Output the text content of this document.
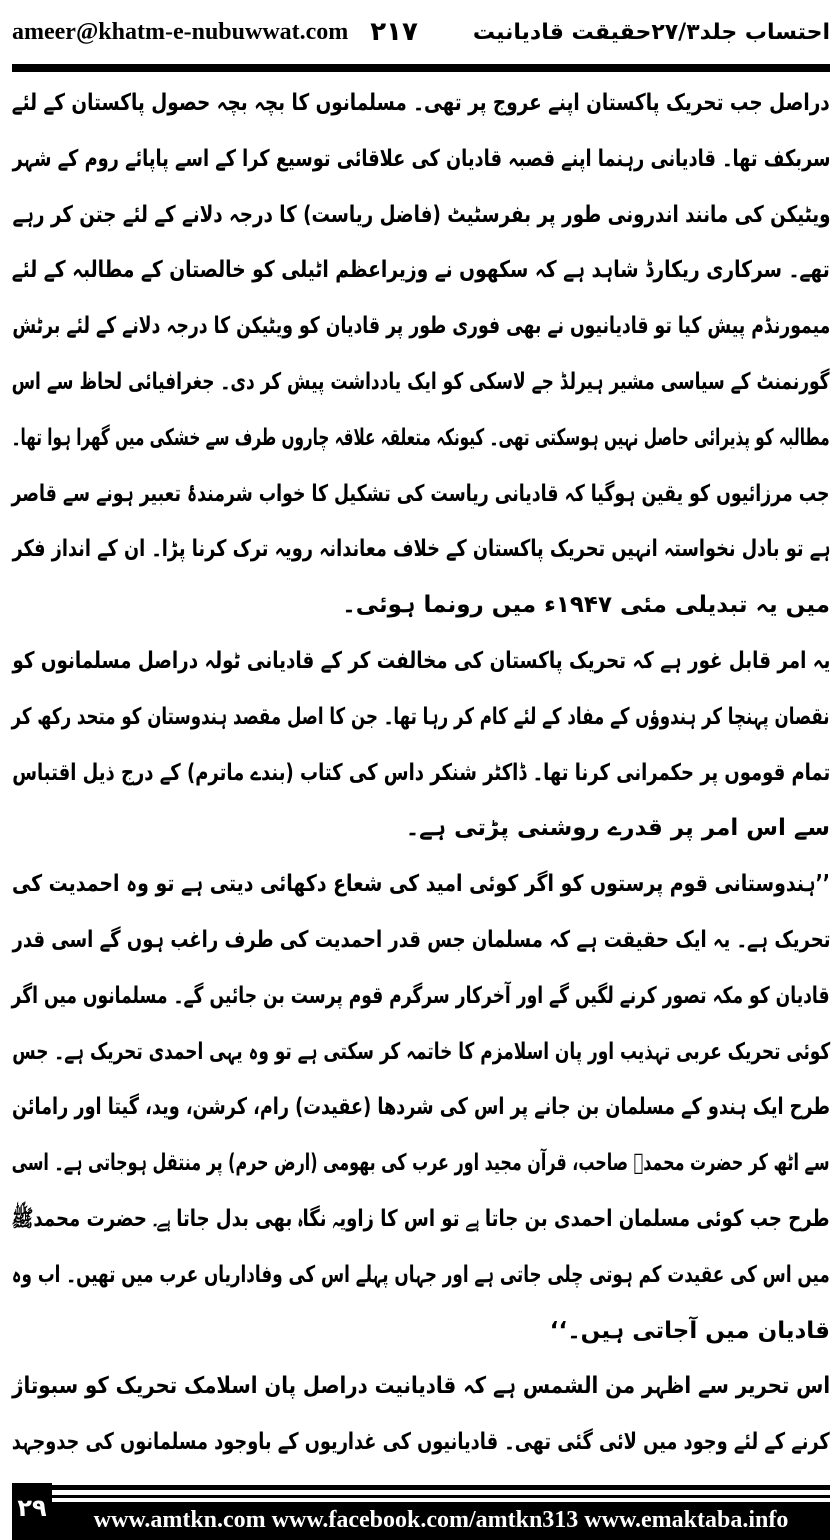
ameer@khatm-e-nubuwwat.com ۲۱۷ احتساب جلد۲۷/۳حقیقت قادیانیت
دراصل جب تحریک پاکستان اپنے عروج پر تھی۔ مسلمانوں کا بچہ بچہ حصول پاکستان کے لئے
سربکف تھا۔ قادیانی رہنما اپنے قصبہ قادیان کی علاقائی توسیع کرا کے اسے پاپائے روم کے شہر
ویٹیکن کی مانند اندرونی طور پر بفرسٹیٹ (فاضل ریاست) کا درجہ دلانے کے لئے جتن کر رہے
تھے۔ سرکاری ریکارڈ شاہد ہے کہ سکھوں نے وزیراعظم اٹیلی کو خالصتان کے مطالبہ کے لئے
میمورنڈم پیش کیا تو قادیانیوں نے بھی فوری طور پر قادیان کو ویٹیکن کا درجہ دلانے کے لئے برٹش
گورنمنٹ کے سیاسی مشیر ہیرلڈ جے لاسکی کو ایک یادداشت پیش کر دی۔ جغرافیائی لحاظ سے اس
مطالبہ کو پذیرائی حاصل نہیں ہوسکتی تھی۔ کیونکہ متعلقہ علاقہ چاروں طرف سے خشکی میں گھرا ہوا تھا۔
جب مرزائیوں کو یقین ہوگیا کہ قادیانی ریاست کی تشکیل کا خواب شرمندۂ تعبیر ہونے سے قاصر
ہے تو بادل نخواستہ انہیں تحریک پاکستان کے خلاف معاندانہ رویہ ترک کرنا پڑا۔ ان کے انداز فکر
میں یہ تبدیلی مئی ۱۹۴۷ء میں رونما ہوئی۔
یہ امر قابل غور ہے کہ تحریک پاکستان کی مخالفت کر کے قادیانی ٹولہ دراصل مسلمانوں کو
نقصان پہنچا کر ہندوؤں کے مفاد کے لئے کام کر رہا تھا۔ جن کا اصل مقصد ہندوستان کو متحد رکھ کر
تمام قوموں پر حکمرانی کرنا تھا۔ ڈاکٹر شنکر داس کی کتاب (بندے ماترم) کے درج ذیل اقتباس
سے اس امر پر قدرے روشنی پڑتی ہے۔
’’ہندوستانی قوم پرستوں کو اگر کوئی امید کی شعاع دکھائی دیتی ہے تو وہ احمدیت کی
تحریک ہے۔ یہ ایک حقیقت ہے کہ مسلمان جس قدر احمدیت کی طرف راغب ہوں گے اسی قدر
قادیان کو مکہ تصور کرنے لگیں گے اور آخرکار سرگرم قوم پرست بن جائیں گے۔ مسلمانوں میں اگر
کوئی تحریک عربی تہذیب اور پان اسلامزم کا خاتمہ کر سکتی ہے تو وہ یہی احمدی تحریک ہے۔ جس
طرح ایک ہندو کے مسلمان بن جانے پر اس کی شردھا (عقیدت) رام، کرشن، وید، گیتا اور رامائن
سے اٹھ کر حضرت محمدؐ صاحب، قرآن مجید اور عرب کی بھومی (ارض حرم) پر منتقل ہوجاتی ہے۔ اسی
طرح جب کوئی مسلمان احمدی بن جاتا ہے تو اس کا زاویہ نگاہ بھی بدل جاتا ہے۔ حضرت محمدﷺ
میں اس کی عقیدت کم ہوتی چلی جاتی ہے اور جہاں پہلے اس کی وفاداریاں عرب میں تھیں۔ اب وہ
قادیان میں آجاتی ہیں۔‘‘
اس تحریر سے اظہر من الشمس ہے کہ قادیانیت دراصل پان اسلامک تحریک کو سبوتاژ
کرنے کے لئے وجود میں لائی گئی تھی۔ قادیانیوں کی غداریوں کے باوجود مسلمانوں کی جدوجہد
۲۹	www.amtkn.com www.facebook.com/amtkn313 www.emaktaba.info
